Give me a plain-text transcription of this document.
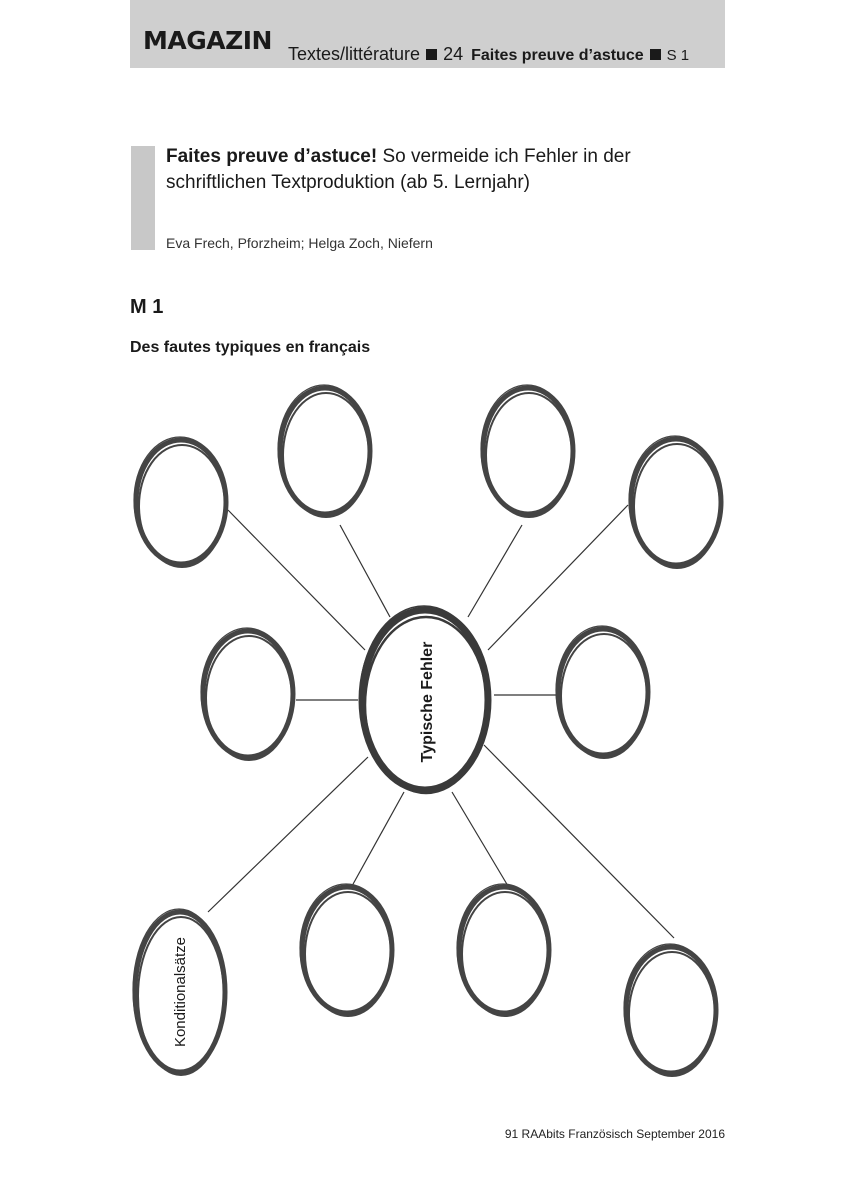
MAGAZIN Textes/littérature 24 Faites preuve d’astuce S 1
Faites preuve d’astuce! So vermeide ich Fehler in der
schriftlichen Textproduktion (ab 5. Lernjahr)
Eva Frech, Pforzheim; Helga Zoch, Niefern
M 1
Des fautes typiques en français
Typische Fehler
Konditionalsätze
91 RAAbits Französisch September 2016
